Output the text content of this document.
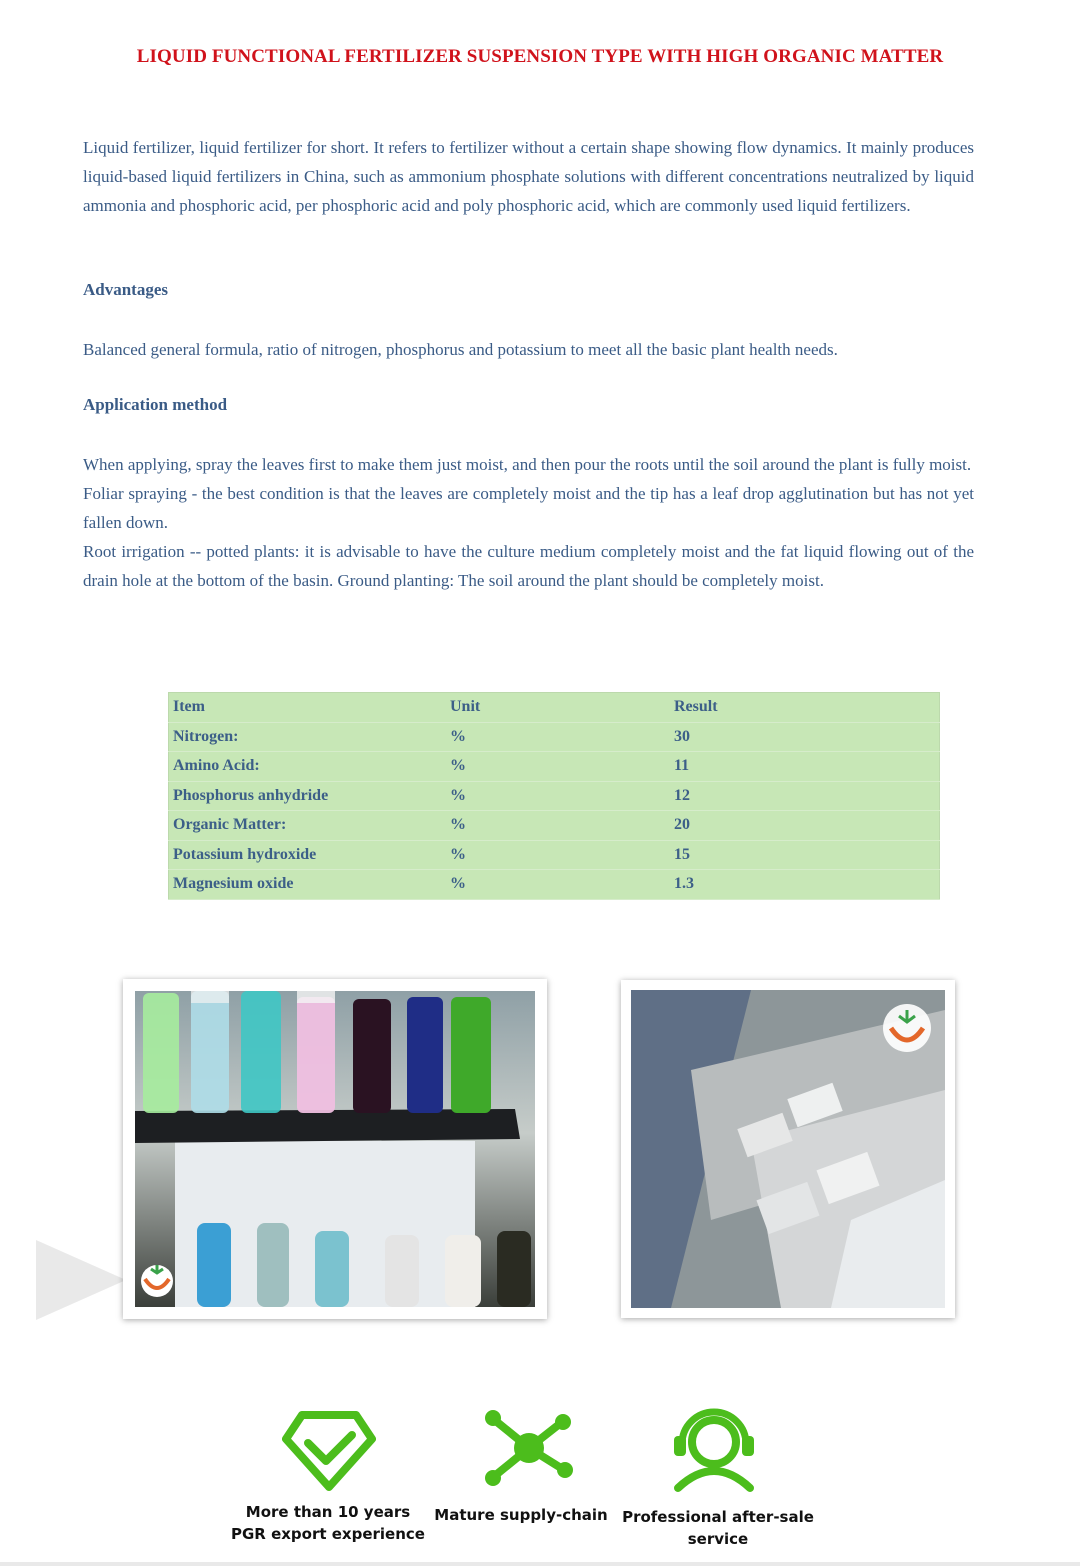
LIQUID FUNCTIONAL FERTILIZER SUSPENSION TYPE WITH HIGH ORGANIC MATTER

Liquid fertilizer, liquid fertilizer for short. It refers to fertilizer without a certain shape showing flow dynamics. It mainly produces liquid-based liquid fertilizers in China, such as ammonium phosphate solutions with different concentrations neutralized by liquid ammonia and phosphoric acid, per phosphoric acid and poly phosphoric acid, which are commonly used liquid fertilizers.

Advantages
Balanced general formula, ratio of nitrogen, phosphorus and potassium to meet all the basic plant health needs.
Application method

When applying, spray the leaves first to make them just moist, and then pour the roots until the soil around the plant is fully moist.

Foliar spraying - the best condition is that the leaves are completely moist and the tip has a leaf drop agglutination but has not yet fallen down.

Root irrigation -- potted plants: it is advisable to have the culture medium completely moist and the fat liquid flowing out of the drain hole at the bottom of the basin. Ground planting: The soil around the plant should be completely moist.

Item	Unit	Result
Nitrogen:	%	30
Amino Acid:	%	11
Phosphorus anhydride	%	12
Organic Matter:	%	20
Potassium hydroxide	%	15
Magnesium oxide	%	1.3
More than 10 years
PGR export experience
Mature supply-chain Professional after-sale
service
